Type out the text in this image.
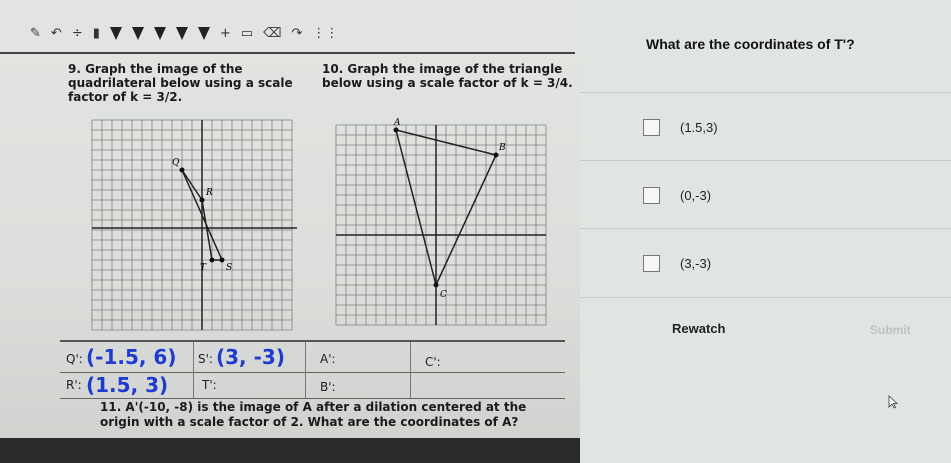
✎ ↶ ÷ ▮	+ ▭ ⌫ ↷ ⋮⋮
9. Graph the image of the quadrilateral below using a scale factor of k = 3/2.
10. Graph the image of the triangle below using a scale factor of k = 3/4.
Q
R
T S
A
B
C
Q': (-1.5, 6) S': (3, -3)	A':	C':
R': (1.5, 3)	T':	B':
11. A'(-10, -8) is the image of A after a dilation centered at the origin with a scale factor of 2. What are the coordinates of A?
What are the coordinates of T'?
(1.5,3)
(0,-3)
(3,-3)
Rewatch	Submit
